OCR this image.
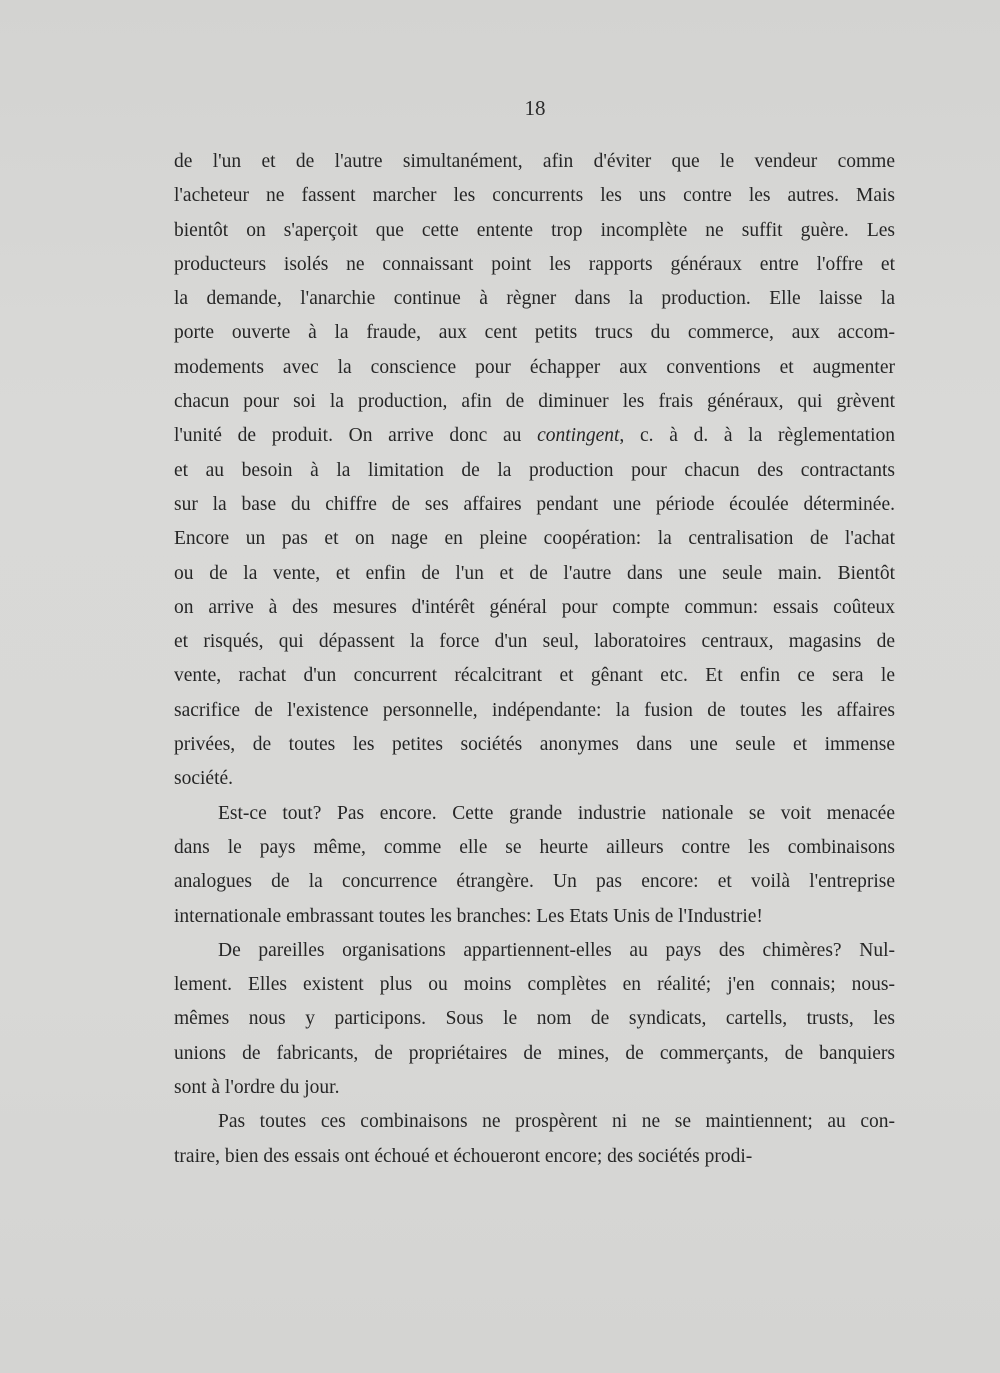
18

de l'un et de l'autre simultanément, afin d'éviter que le vendeur comme
l'acheteur ne fassent marcher les concurrents les uns contre les autres. Mais
bientôt on s'aperçoit que cette entente trop incomplète ne suffit guère. Les
producteurs isolés ne connaissant point les rapports généraux entre l'offre et
la demande, l'anarchie continue à règner dans la production. Elle laisse la
porte ouverte à la fraude, aux cent petits trucs du commerce, aux accom-
modements avec la conscience pour échapper aux conventions et augmenter
chacun pour soi la production, afin de diminuer les frais généraux, qui grèvent
l'unité de produit. On arrive donc au contingent, c. à d. à la règlementation
et au besoin à la limitation de la production pour chacun des contractants
sur la base du chiffre de ses affaires pendant une période écoulée déterminée.
Encore un pas et on nage en pleine coopération: la centralisation de l'achat
ou de la vente, et enfin de l'un et de l'autre dans une seule main. Bientôt
on arrive à des mesures d'intérêt général pour compte commun: essais coûteux
et risqués, qui dépassent la force d'un seul, laboratoires centraux, magasins de
vente, rachat d'un concurrent récalcitrant et gênant etc. Et enfin ce sera le
sacrifice de l'existence personnelle, indépendante: la fusion de toutes les affaires
privées, de toutes les petites sociétés anonymes dans une seule et immense
société.

Est-ce tout? Pas encore. Cette grande industrie nationale se voit menacée
dans le pays même, comme elle se heurte ailleurs contre les combinaisons
analogues de la concurrence étrangère. Un pas encore: et voilà l'entreprise
internationale embrassant toutes les branches: Les Etats Unis de l'Industrie!

De pareilles organisations appartiennent-elles au pays des chimères? Nul-
lement. Elles existent plus ou moins complètes en réalité; j'en connais; nous-
mêmes nous y participons. Sous le nom de syndicats, cartells, trusts, les
unions de fabricants, de propriétaires de mines, de commerçants, de banquiers
sont à l'ordre du jour.

Pas toutes ces combinaisons ne prospèrent ni ne se maintiennent; au con-
traire, bien des essais ont échoué et échoueront encore; des sociétés prodi-
